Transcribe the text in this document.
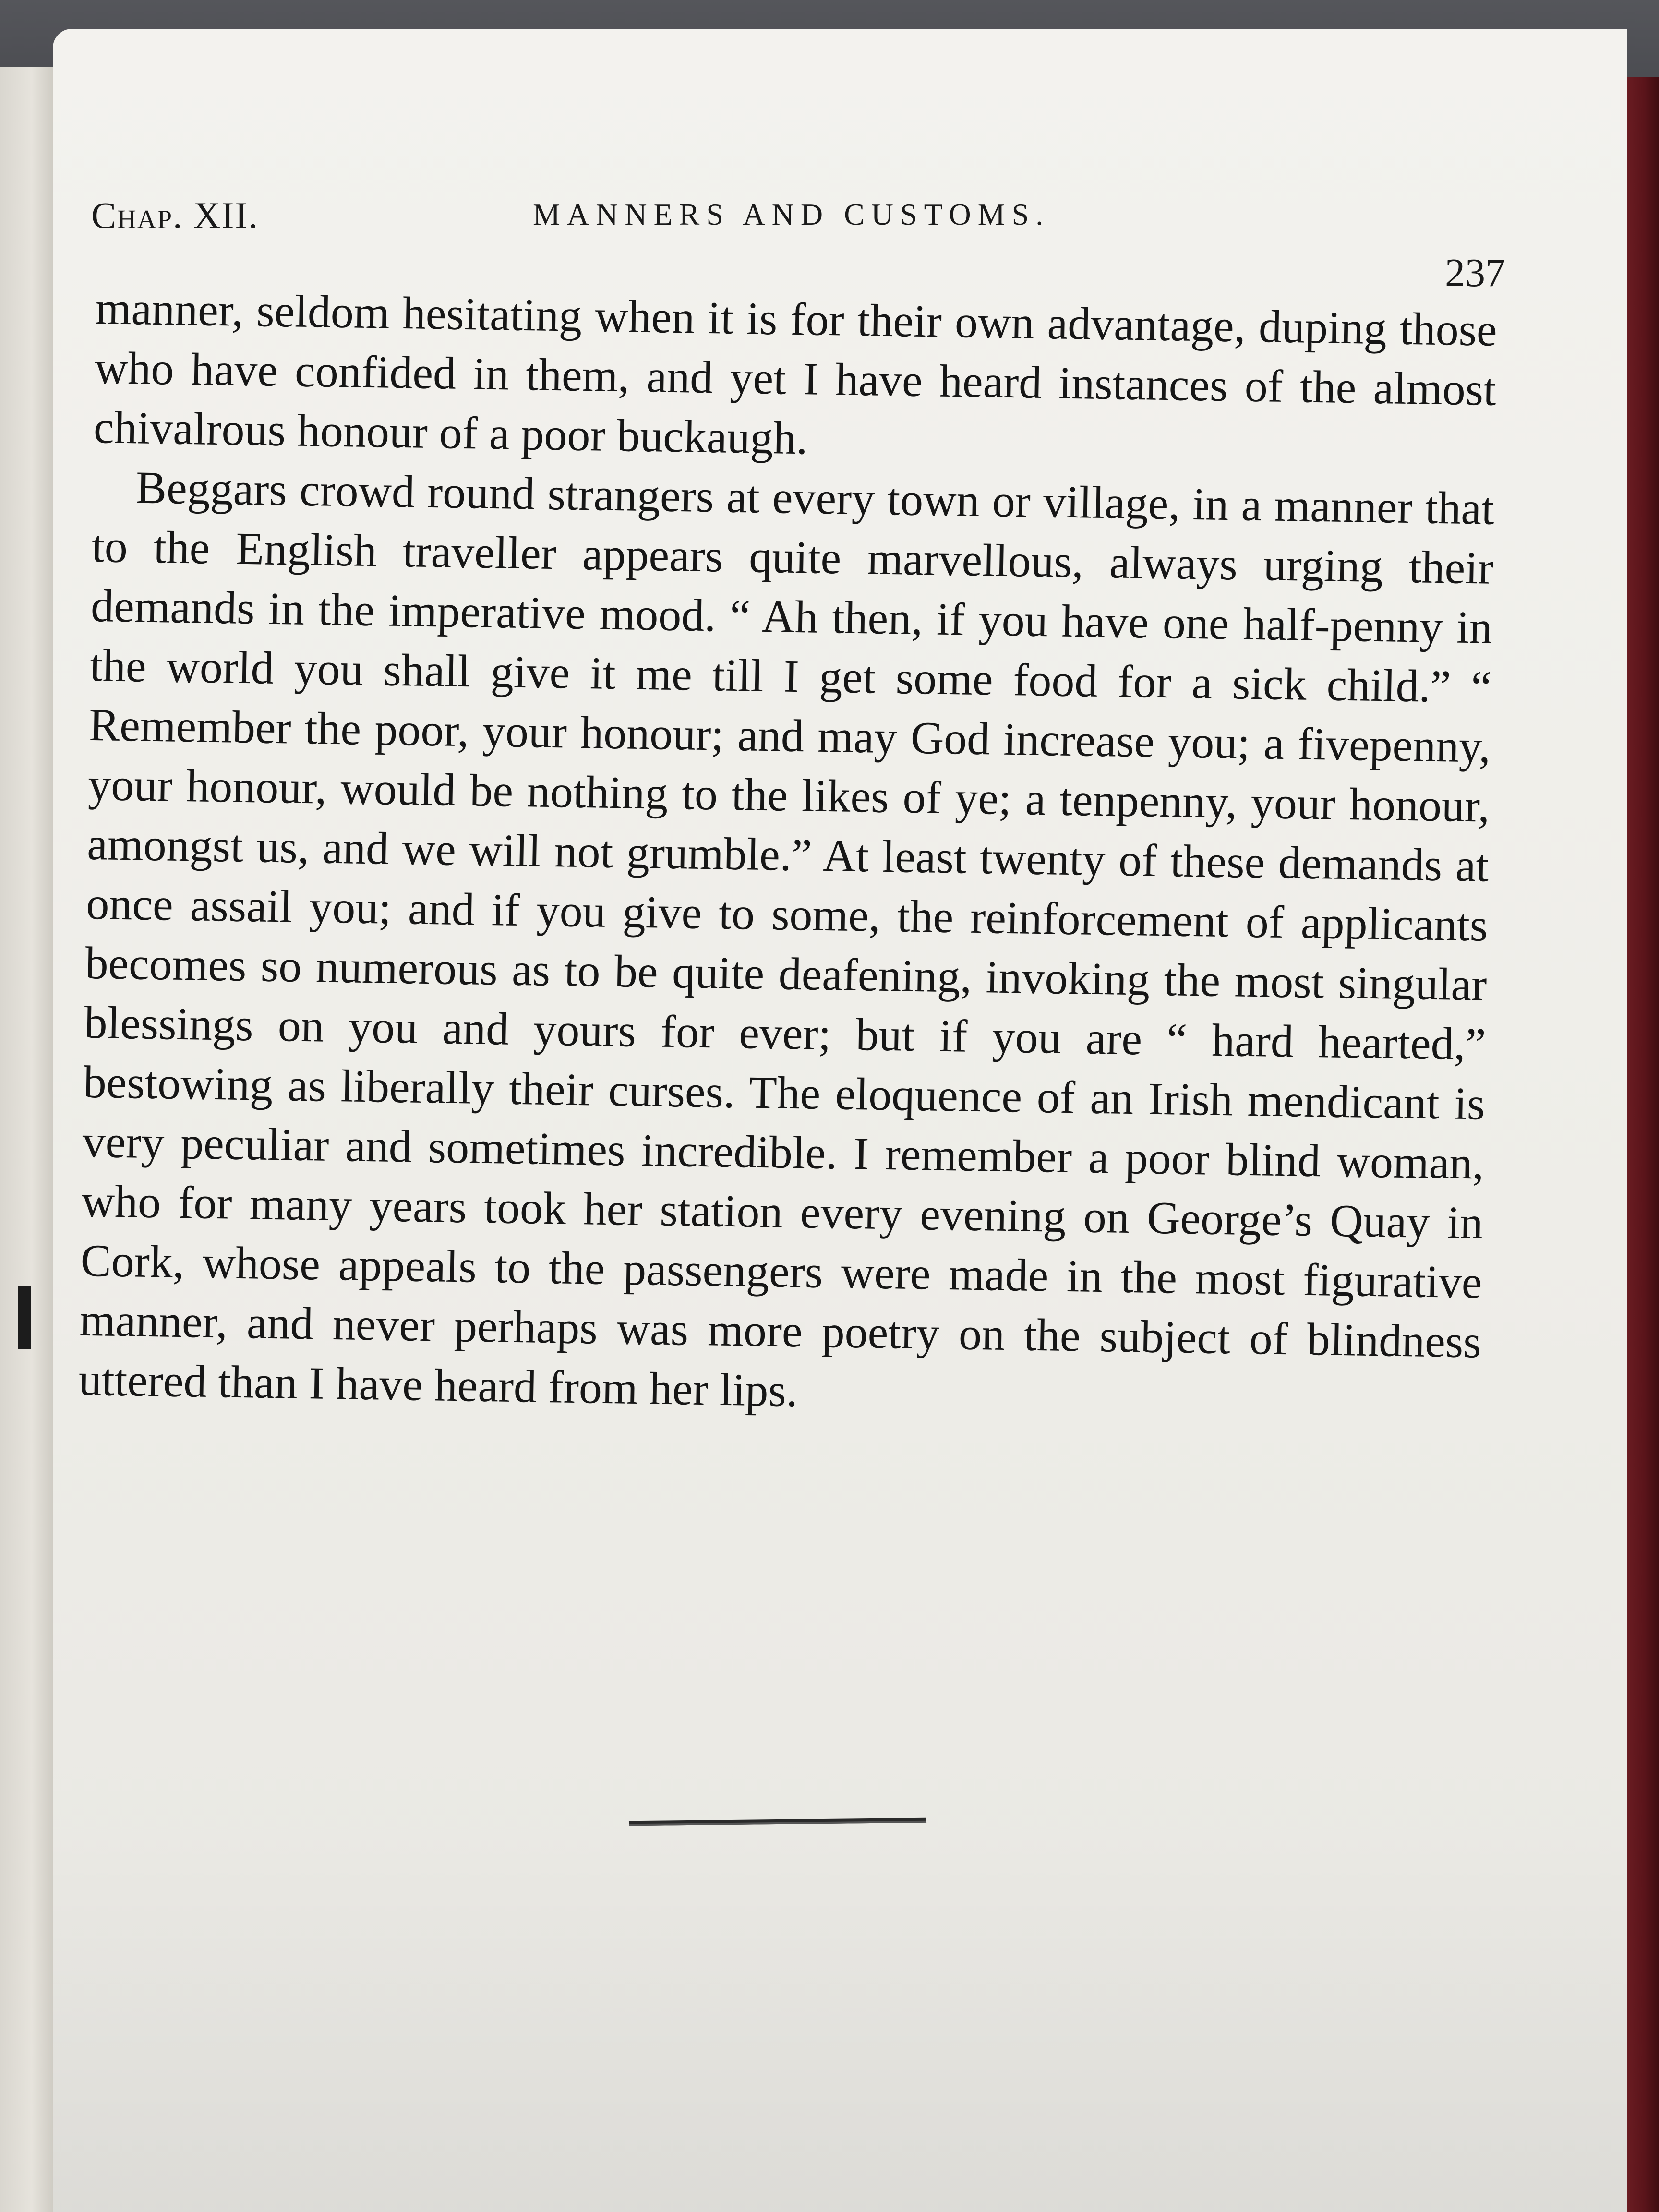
Chap. XII.	MANNERS AND CUSTOMS.
237

manner, seldom hesitating when it is for their own advantage, duping those who have confided in them, and yet I have heard instances of the almost chivalrous honour of a poor buckaugh.

Beggars crowd round strangers at every town or village, in a manner that to the English traveller appears quite marvellous, always urging their demands in the imperative mood. “ Ah then, if you have one half-penny in the world you shall give it me till I get some food for a sick child.” “ Remember the poor, your honour; and may God increase you; a fivepenny, your honour, would be nothing to the likes of ye; a tenpenny, your honour, amongst us, and we will not grumble.” At least twenty of these demands at once assail you; and if you give to some, the reinforcement of applicants becomes so numerous as to be quite deafening, invoking the most singular blessings on you and yours for ever; but if you are “ hard hearted,” bestowing as liberally their curses. The eloquence of an Irish mendicant is very peculiar and sometimes incredible. I remember a poor blind woman, who for many years took her station every evening on George’s Quay in Cork, whose appeals to the passengers were made in the most figurative manner, and never perhaps was more poetry on the subject of blindness uttered than I have heard from her lips.
